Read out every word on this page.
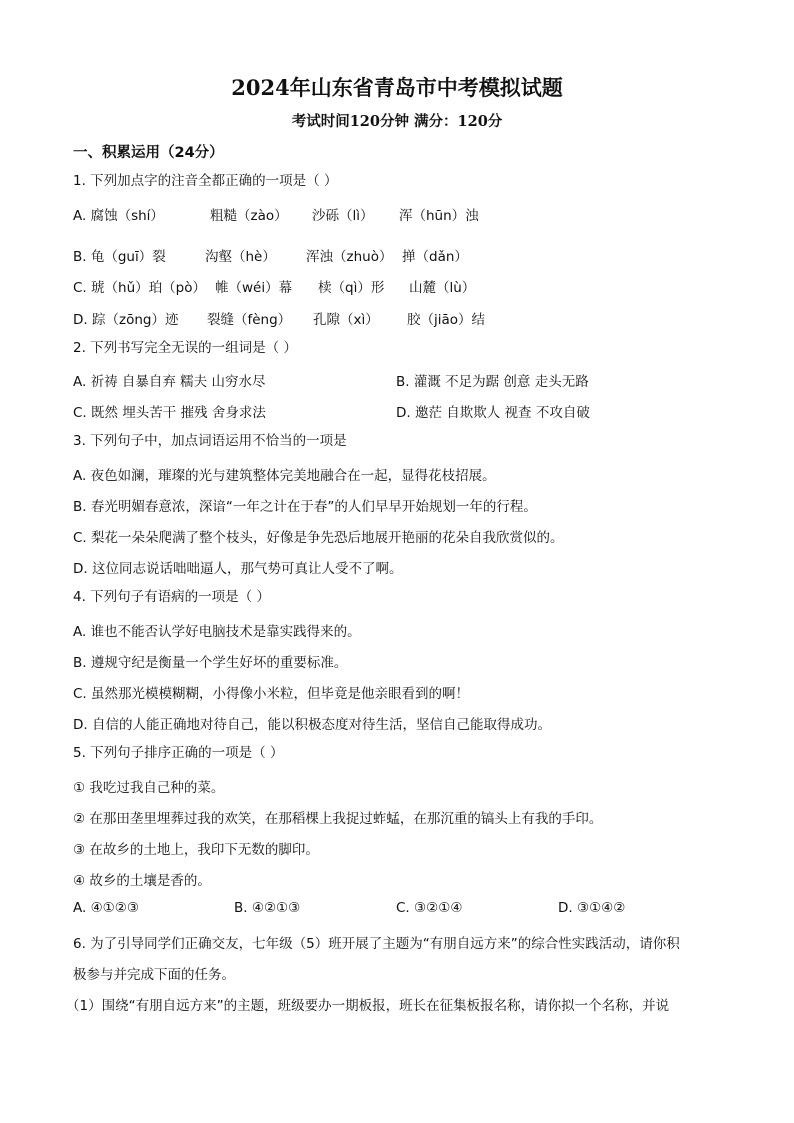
2024年山东省青岛市中考模拟试题
考试时间120分钟 满分：120分
一、积累运用（24分）
1. 下列加点字的注音全都正确的一项是（ ）
A. 腐蚀（shí）	粗糙（zào） 沙砾（lì） 浑（hūn）浊
B. 龟（guī）裂	沟壑（hè） 浑浊（zhuò） 掸（dǎn）
C. 琥（hǔ）珀（pò） 帷（wéi）幕 椟（qì）形 山麓（lù）
D. 踪（zōng）迹 裂缝（fèng） 孔隙（xì） 胶（jiāo）结
2. 下列书写完全无误的一组词是（ ）
A. 祈祷 自暴自弃 糯夫 山穷水尽	B. 灌溉 不足为踞 创意 走头无路
C. 既然 埋头苦干 摧残 舍身求法	D. 邀茫 自欺欺人 视查 不攻自破
3. 下列句子中，加点词语运用不恰当的一项是
A. 夜色如澜，璀璨的光与建筑整体完美地融合在一起，显得花枝招展。
B. 春光明媚春意浓，深谙“一年之计在于春”的人们早早开始规划一年的行程。
C. 梨花一朵朵爬满了整个枝头，好像是争先恐后地展开艳丽的花朵自我欣赏似的。
D. 这位同志说话咄咄逼人，那气势可真让人受不了啊。
4. 下列句子有语病的一项是（ ）
A. 谁也不能否认学好电脑技术是靠实践得来的。
B. 遵规守纪是衡量一个学生好坏的重要标准。
C. 虽然那光模模糊糊，小得像小米粒，但毕竟是他亲眼看到的啊！
D. 自信的人能正确地对待自己，能以积极态度对待生活，坚信自己能取得成功。
5. 下列句子排序正确的一项是（ ）
① 我吃过我自己种的菜。
② 在那田垄里埋葬过我的欢笑，在那稻棵上我捉过蚱蜢，在那沉重的镐头上有我的手印。
③ 在故乡的土地上，我印下无数的脚印。
④ 故乡的土壤是香的。
A. ④①②③	B. ④②①③	C. ③②①④	D. ③①④②
6. 为了引导同学们正确交友，七年级（5）班开展了主题为“有朋自远方来”的综合性实践活动，请你积
极参与并完成下面的任务。
（1）围绕“有朋自远方来”的主题，班级要办一期板报，班长在征集板报名称，请你拟一个名称，并说
